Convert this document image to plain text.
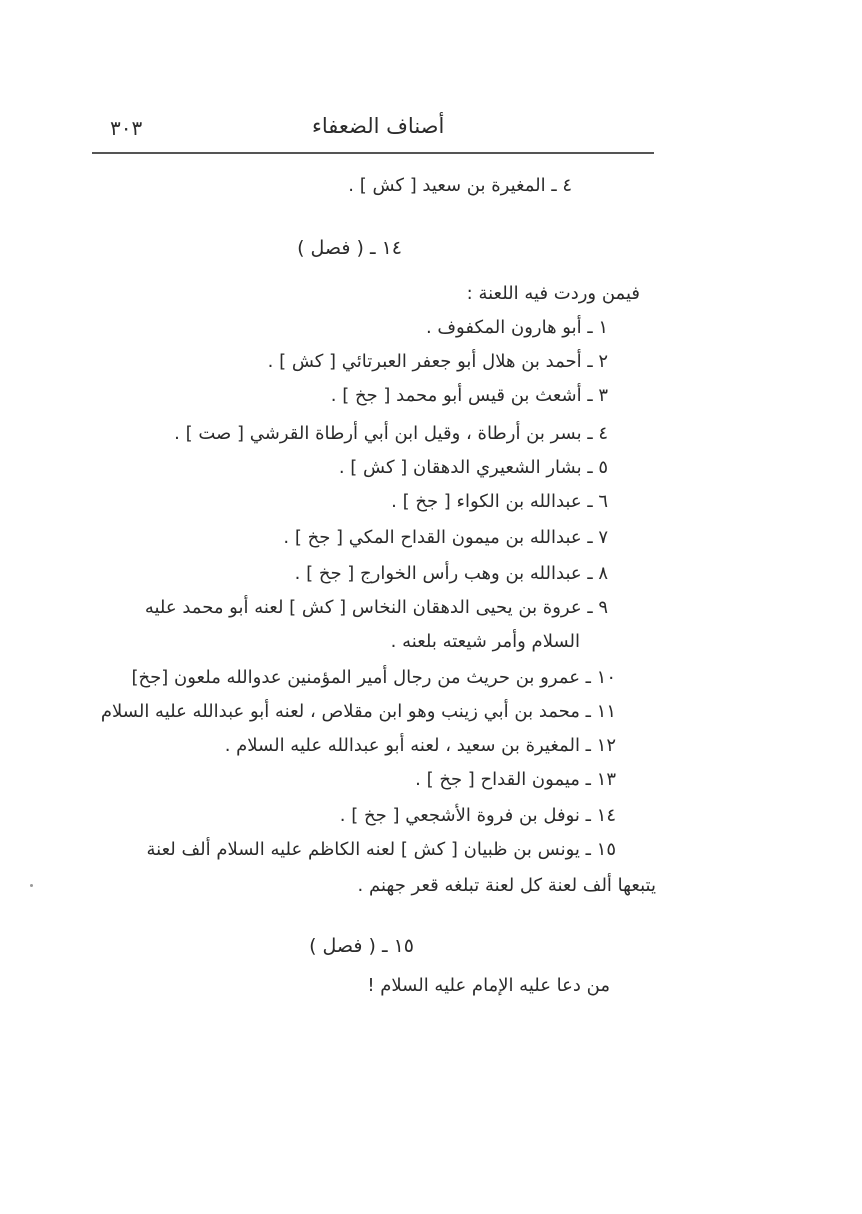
٣٠٣	أصناف الضعفاء
٤ ـ المغيرة بن سعيد [ كش ] .
١٤ ـ ( فصل )
فيمن وردت فيه اللعنة :
١ ـ أبو هارون المكفوف .
٢ ـ أحمد بن هلال أبو جعفر العبرتائي [ كش ] .
٣ ـ أشعث بن قيس أبو محمد [ جخ ] .
٤ ـ بسر بن أرطاة ، وقيل ابن أبي أرطاة القرشي [ صت ] .
٥ ـ بشار الشعيري الدهقان [ كش ] .
٦ ـ عبدالله بن الكواء [ جخ ] .
٧ ـ عبدالله بن ميمون القداح المكي [ جخ ] .
٨ ـ عبدالله بن وهب رأس الخوارج [ جخ ] .
٩ ـ عروة بن يحيى الدهقان النخاس [ كش ] لعنه أبو محمد عليه
السلام وأمر شيعته بلعنه .
١٠ ـ عمرو بن حريث من رجال أمير المؤمنين عدوالله ملعون [جخ]
١١ ـ محمد بن أبي زينب وهو ابن مقلاص ، لعنه أبو عبدالله عليه السلام
١٢ ـ المغيرة بن سعيد ، لعنه أبو عبدالله عليه السلام .
١٣ ـ ميمون القداح [ جخ ] .
١٤ ـ نوفل بن فروة الأشجعي [ جخ ] .
١٥ ـ يونس بن ظبيان [ كش ] لعنه الكاظم عليه السلام ألف لعنة
يتبعها ألف لعنة كل لعنة تبلغه قعر جهنم .
١٥ ـ ( فصل )
من دعا عليه الإمام عليه السلام !
